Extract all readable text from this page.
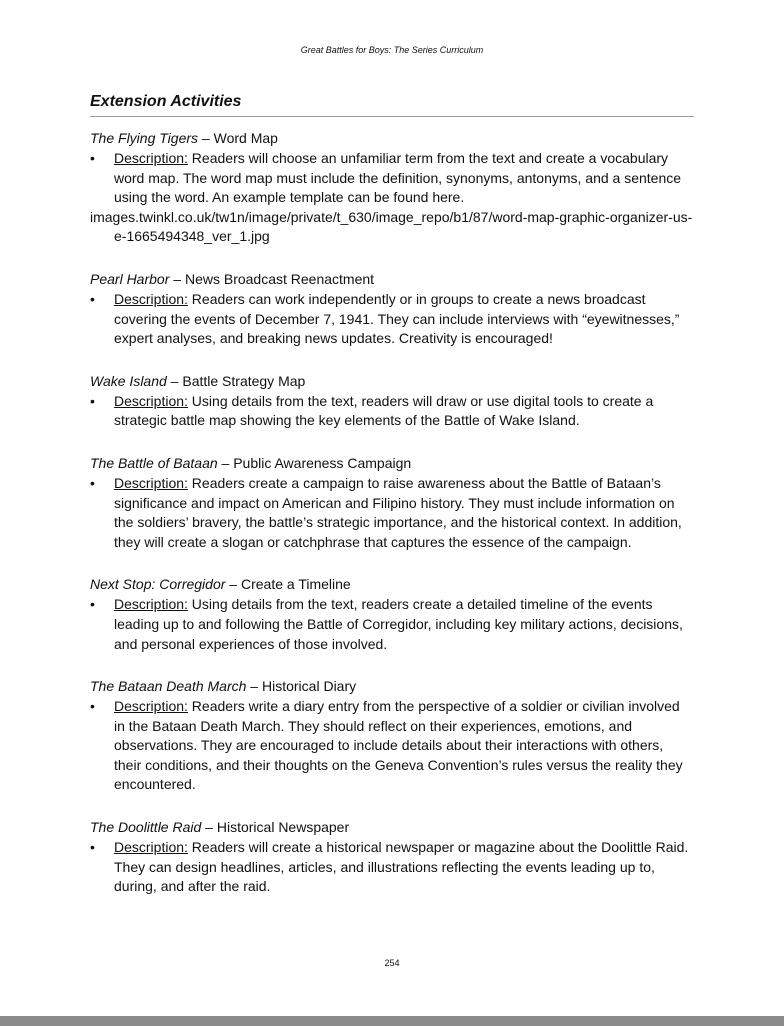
Great Battles for Boys: The Series Curriculum
Extension Activities

The Flying Tigers – Word Map

•	Description: Readers will choose an unfamiliar term from the text and create a vocabulary word map. The word map must include the definition, synonyms, antonyms, and a sentence using the word. An example template can be found here.

images.twinkl.co.uk/tw1n/image/private/t_630/image_repo/b1/87/word-map-graphic-organizer-us-e-1665494348_ver_1.jpg

Pearl Harbor – News Broadcast Reenactment

•	Description: Readers can work independently or in groups to create a news broadcast covering the events of December 7, 1941. They can include interviews with “eyewitnesses,” expert analyses, and breaking news updates. Creativity is encouraged!

Wake Island – Battle Strategy Map

•	Description: Using details from the text, readers will draw or use digital tools to create a strategic battle map showing the key elements of the Battle of Wake Island.

The Battle of Bataan – Public Awareness Campaign

•	Description: Readers create a campaign to raise awareness about the Battle of Bataan’s significance and impact on American and Filipino history. They must include information on the soldiers’ bravery, the battle’s strategic importance, and the historical context. In addition, they will create a slogan or catchphrase that captures the essence of the campaign.

Next Stop: Corregidor – Create a Timeline

•	Description: Using details from the text, readers create a detailed timeline of the events leading up to and following the Battle of Corregidor, including key military actions, decisions, and personal experiences of those involved.

The Bataan Death March – Historical Diary

•	Description: Readers write a diary entry from the perspective of a soldier or civilian involved in the Bataan Death March. They should reflect on their experiences, emotions, and observations. They are encouraged to include details about their interactions with others, their conditions, and their thoughts on the Geneva Convention’s rules versus the reality they encountered.

The Doolittle Raid – Historical Newspaper

•	Description: Readers will create a historical newspaper or magazine about the Doolittle Raid. They can design headlines, articles, and illustrations reflecting the events leading up to, during, and after the raid.
254
